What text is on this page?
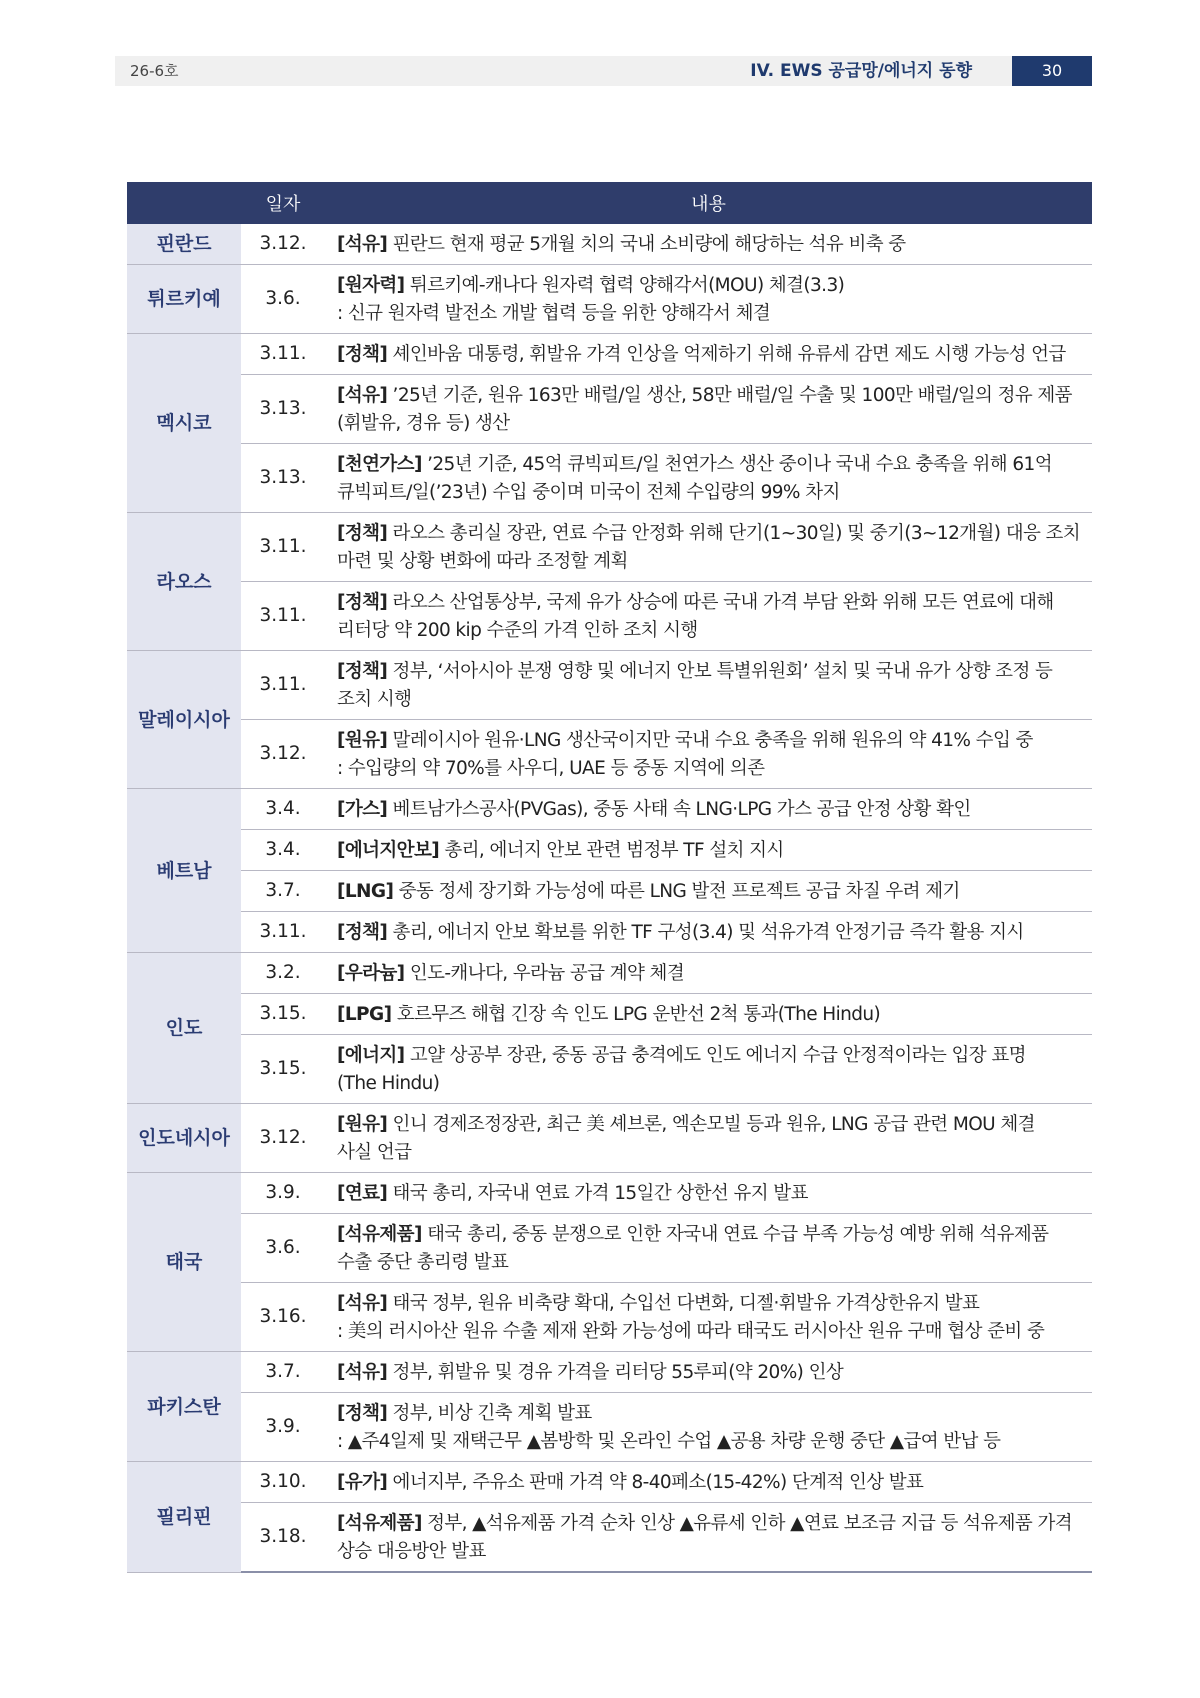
26-6호	IV. EWS 공급망/에너지 동향	30
	일자	내용
핀란드	3.12.	[석유] 핀란드 현재 평균 5개월 치의 국내 소비량에 해당하는 석유 비축 중

튀르키예	3.6.	[원자력] 튀르키예-캐나다 원자력 협력 양해각서(MOU) 체결(3.3)
: 신규 원자력 발전소 개발 협력 등을 위한 양해각서 체결

멕시코	3.11.	[정책] 셰인바움 대통령, 휘발유 가격 인상을 억제하기 위해 유류세 감면 제도 시행 가능성 언급

	3.13.	[석유] ’25년 기준, 원유 163만 배럴/일 생산, 58만 배럴/일 수출 및 100만 배럴/일의 정유 제품
(휘발유, 경유 등) 생산

	3.13.	[천연가스] ’25년 기준, 45억 큐빅피트/일 천연가스 생산 중이나 국내 수요 충족을 위해 61억
큐빅피트/일(’23년) 수입 중이며 미국이 전체 수입량의 99% 차지

라오스	3.11.	[정책] 라오스 총리실 장관, 연료 수급 안정화 위해 단기(1~30일) 및 중기(3~12개월) 대응 조치
마련 및 상황 변화에 따라 조정할 계획

	3.11.	[정책] 라오스 산업통상부, 국제 유가 상승에 따른 국내 가격 부담 완화 위해 모든 연료에 대해
리터당 약 200 kip 수준의 가격 인하 조치 시행

말레이시아	3.11.	[정책] 정부, ‘서아시아 분쟁 영향 및 에너지 안보 특별위원회’ 설치 및 국내 유가 상향 조정 등
조치 시행

	3.12.	[원유] 말레이시아 원유·LNG 생산국이지만 국내 수요 충족을 위해 원유의 약 41% 수입 중
: 수입량의 약 70%를 사우디, UAE 등 중동 지역에 의존

베트남	3.4.	[가스] 베트남가스공사(PVGas), 중동 사태 속 LNG·LPG 가스 공급 안정 상황 확인

	3.4.	[에너지안보] 총리, 에너지 안보 관련 범정부 TF 설치 지시

	3.7.	[LNG] 중동 정세 장기화 가능성에 따른 LNG 발전 프로젝트 공급 차질 우려 제기

	3.11.	[정책] 총리, 에너지 안보 확보를 위한 TF 구성(3.4) 및 석유가격 안정기금 즉각 활용 지시

인도	3.2.	[우라늄] 인도-캐나다, 우라늄 공급 계약 체결

	3.15.	[LPG] 호르무즈 해협 긴장 속 인도 LPG 운반선 2척 통과(The Hindu)

	3.15.	[에너지] 고얄 상공부 장관, 중동 공급 충격에도 인도 에너지 수급 안정적이라는 입장 표명
(The Hindu)

인도네시아	3.12.	[원유] 인니 경제조정장관, 최근 美 셰브론, 엑손모빌 등과 원유, LNG 공급 관련 MOU 체결
사실 언급

태국	3.9.	[연료] 태국 총리, 자국내 연료 가격 15일간 상한선 유지 발표

	3.6.	[석유제품] 태국 총리, 중동 분쟁으로 인한 자국내 연료 수급 부족 가능성 예방 위해 석유제품
수출 중단 총리령 발표

	3.16.	[석유] 태국 정부, 원유 비축량 확대, 수입선 다변화, 디젤·휘발유 가격상한유지 발표
: 美의 러시아산 원유 수출 제재 완화 가능성에 따라 태국도 러시아산 원유 구매 협상 준비 중

파키스탄	3.7.	[석유] 정부, 휘발유 및 경유 가격을 리터당 55루피(약 20%) 인상

	3.9.	[정책] 정부, 비상 긴축 계획 발표
: ▲주4일제 및 재택근무 ▲봄방학 및 온라인 수업 ▲공용 차량 운행 중단 ▲급여 반납 등

필리핀	3.10.	[유가] 에너지부, 주유소 판매 가격 약 8-40페소(15-42%) 단계적 인상 발표

	3.18.	[석유제품] 정부, ▲석유제품 가격 순차 인상 ▲유류세 인하 ▲연료 보조금 지급 등 석유제품 가격
상승 대응방안 발표
